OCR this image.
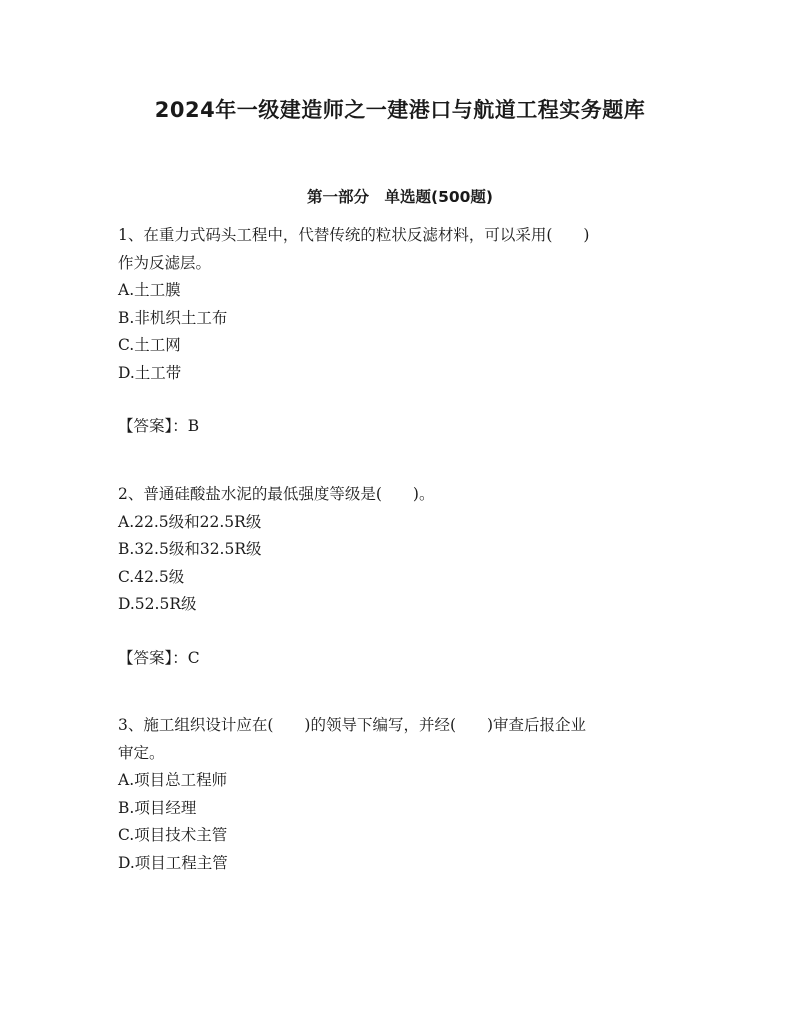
2024年一级建造师之一建港口与航道工程实务题库
第一部分　单选题(500题)
1、在重力式码头工程中，代替传统的粒状反滤材料，可以采用(　　)
作为反滤层。
A.土工膜
B.非机织土工布
C.土工网
D.土工带
【答案】：B
2、普通硅酸盐水泥的最低强度等级是(　　)。
A.22.5级和22.5R级
B.32.5级和32.5R级
C.42.5级
D.52.5R级
【答案】：C
3、施工组织设计应在(　　)的领导下编写，并经(　　)审查后报企业
审定。
A.项目总工程师
B.项目经理
C.项目技术主管
D.项目工程主管
